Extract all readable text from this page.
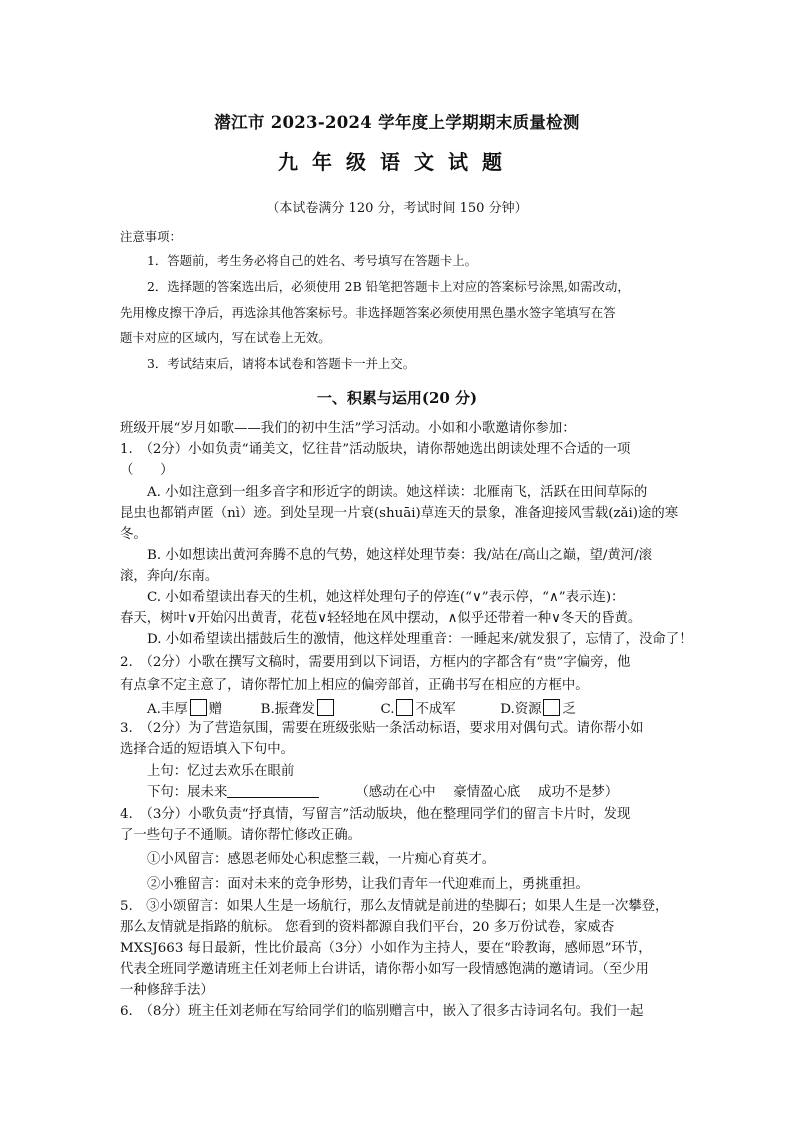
潜江市 2023-2024 学年度上学期期末质量检测
九年级语文试题
（本试卷满分 120 分，考试时间 150 分钟）
注意事项：
1．答题前，考生务必将自己的姓名、考号填写在答题卡上。
2．选择题的答案选出后，必须使用 2B 铅笔把答题卡上对应的答案标号涂黑,如需改动，
先用橡皮擦干净后，再选涂其他答案标号。非选择题答案必须使用黑色墨水签字笔填写在答
题卡对应的区域内，写在试卷上无效。
3．考试结束后，请将本试卷和答题卡一并上交。
一、积累与运用(20 分)
班级开展“岁月如歌——我们的初中生活”学习活动。小如和小歌邀请你参加：
1.　（2分）小如负责“诵美文，忆往昔”活动版块，请你帮她选出朗读处理不合适的一项
（　　）
A. 小如注意到一组多音字和形近字的朗读。她这样读：北雁南飞，活跃在田间草际的
昆虫也都销声匿（nì）迹。到处呈现一片衰(shuāi)草连天的景象，准备迎接风雪载(zǎi)途的寒
冬。
B. 小如想读出黄河奔腾不息的气势，她这样处理节奏：我/站在/高山之巅，望/黄河/滚
滚，奔向/东南。
C. 小如希望读出春天的生机，她这样处理句子的停连(“∨”表示停，“∧”表示连)：
春天，树叶∨开始闪出黄青，花苞∨轻轻地在风中摆动，∧似乎还带着一种∨冬天的昏黄。
D. 小如希望读出擂鼓后生的激情，他这样处理重音：一睡起来∕就发狠了，忘情了，没命了！
2.　（2分）小歌在撰写文稿时，需要用到以下词语，方框内的字都含有“贵”字偏旁，他
有点拿不定主意了，请你帮忙加上相应的偏旁部首，正确书写在相应的方框中。
A.丰厚 赠	B.振聋发	C. 不成军	D.资源 乏
3.　（2分）为了营造氛围，需要在班级张贴一条活动标语，要求用对偶句式。请你帮小如
选择合适的短语填入下句中。
上句：忆过去欢乐在眼前
下句：展未来	（感动在心中　 豪情盈心底　 成功不是梦）
4.　（3分）小歌负责“抒真情，写留言”活动版块，他在整理同学们的留言卡片时，发现
了一些句子不通顺。请你帮忙修改正确。
①小风留言：感恩老师处心积虑整三载，一片痴心育英才。
②小雅留言：面对未来的竞争形势，让我们青年一代迎难而上，勇挑重担。
5.　③小颂留言：如果人生是一场航行，那么友情就是前进的垫脚石；如果人生是一次攀登，
那么友情就是指路的航标。 您看到的资料都源自我们平台，20 多万份试卷，家威杏
MXSJ663 每日最新，性比价最高（3分）小如作为主持人，要在“聆教诲，感师恩”环节，
代表全班同学邀请班主任刘老师上台讲话，请你帮小如写一段情感饱满的邀请词。（至少用
一种修辞手法）
6.　（8分）班主任刘老师在写给同学们的临别赠言中，嵌入了很多古诗词名句。我们一起
